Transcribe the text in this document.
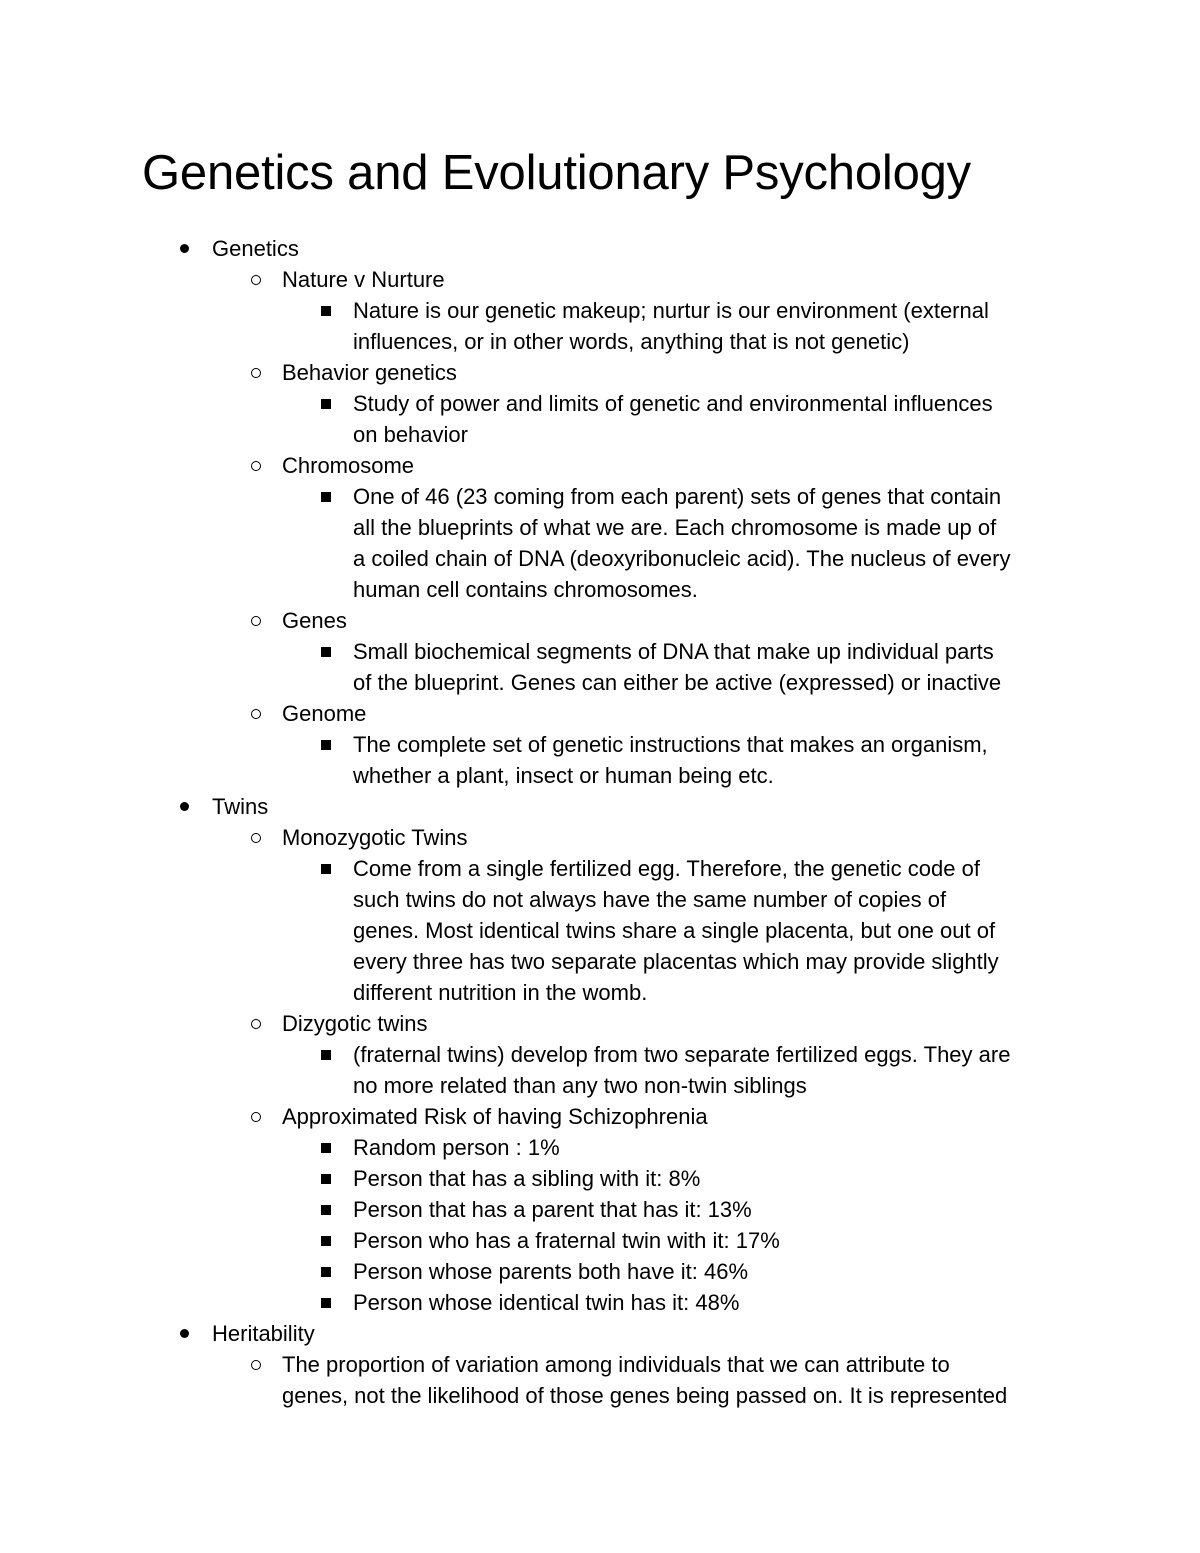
Genetics and Evolutionary Psychology
Genetics
Nature v Nurture
Nature is our genetic makeup; nurtur is our environment (external
influences, or in other words, anything that is not genetic)
Behavior genetics
Study of power and limits of genetic and environmental influences
on behavior
Chromosome
One of 46 (23 coming from each parent) sets of genes that contain
all the blueprints of what we are. Each chromosome is made up of
a coiled chain of DNA (deoxyribonucleic acid). The nucleus of every
human cell contains chromosomes.
Genes
Small biochemical segments of DNA that make up individual parts
of the blueprint. Genes can either be active (expressed) or inactive
Genome
The complete set of genetic instructions that makes an organism,
whether a plant, insect or human being etc.
Twins
Monozygotic Twins
Come from a single fertilized egg. Therefore, the genetic code of
such twins do not always have the same number of copies of
genes. Most identical twins share a single placenta, but one out of
every three has two separate placentas which may provide slightly
different nutrition in the womb.
Dizygotic twins
(fraternal twins) develop from two separate fertilized eggs. They are
no more related than any two non-twin siblings
Approximated Risk of having Schizophrenia
Random person : 1%
Person that has a sibling with it: 8%
Person that has a parent that has it: 13%
Person who has a fraternal twin with it: 17%
Person whose parents both have it: 46%
Person whose identical twin has it: 48%
Heritability
The proportion of variation among individuals that we can attribute to
genes, not the likelihood of those genes being passed on. It is represented
